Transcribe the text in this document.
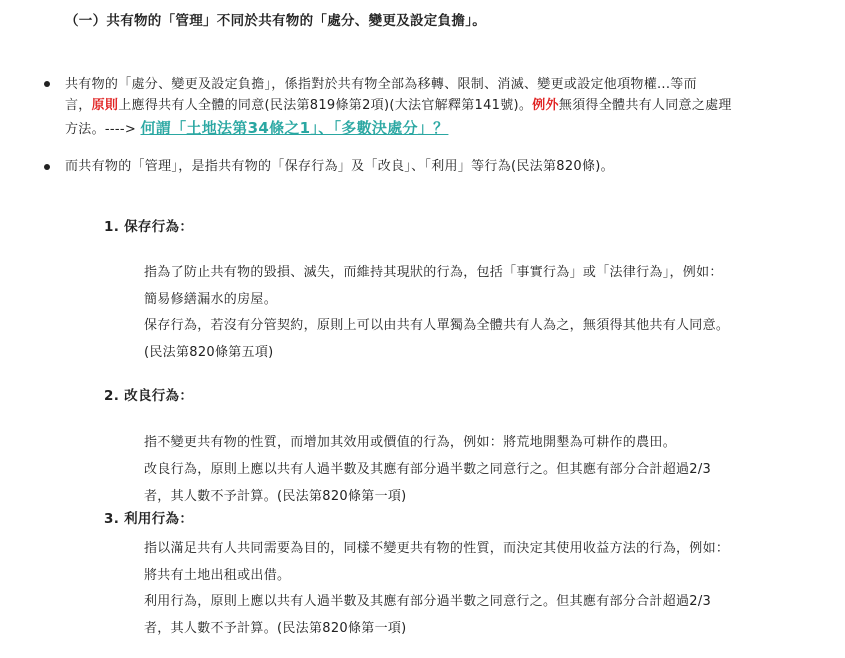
（一）共有物的「管理」不同於共有物的「處分、變更及設定負擔」。
共有物的「處分、變更及設定負擔」，係指對於共有物全部為移轉、限制、消滅、變更或設定他項物權...等而
言，原則上應得共有人全體的同意(民法第819條第2項)(大法官解釋第141號)。例外無須得全體共有人同意之處理
方法。----> 何謂「土地法第34條之1」、「多數決處分」？
而共有物的「管理」，是指共有物的「保存行為」及「改良」、「利用」等行為(民法第820條)。
1. 保存行為：
指為了防止共有物的毀損、滅失，而維持其現狀的行為，包括「事實行為」或「法律行為」，例如：
簡易修繕漏水的房屋。
保存行為，若沒有分管契約，原則上可以由共有人單獨為全體共有人為之，無須得其他共有人同意。
(民法第820條第五項)
2. 改良行為：
指不變更共有物的性質，而增加其效用或價值的行為，例如：將荒地開墾為可耕作的農田。
改良行為，原則上應以共有人過半數及其應有部分過半數之同意行之。但其應有部分合計超過2/3
者，其人數不予計算。(民法第820條第一項)
3. 利用行為：
指以滿足共有人共同需要為目的，同樣不變更共有物的性質，而決定其使用收益方法的行為，例如：
將共有土地出租或出借。
利用行為，原則上應以共有人過半數及其應有部分過半數之同意行之。但其應有部分合計超過2/3
者，其人數不予計算。(民法第820條第一項)
